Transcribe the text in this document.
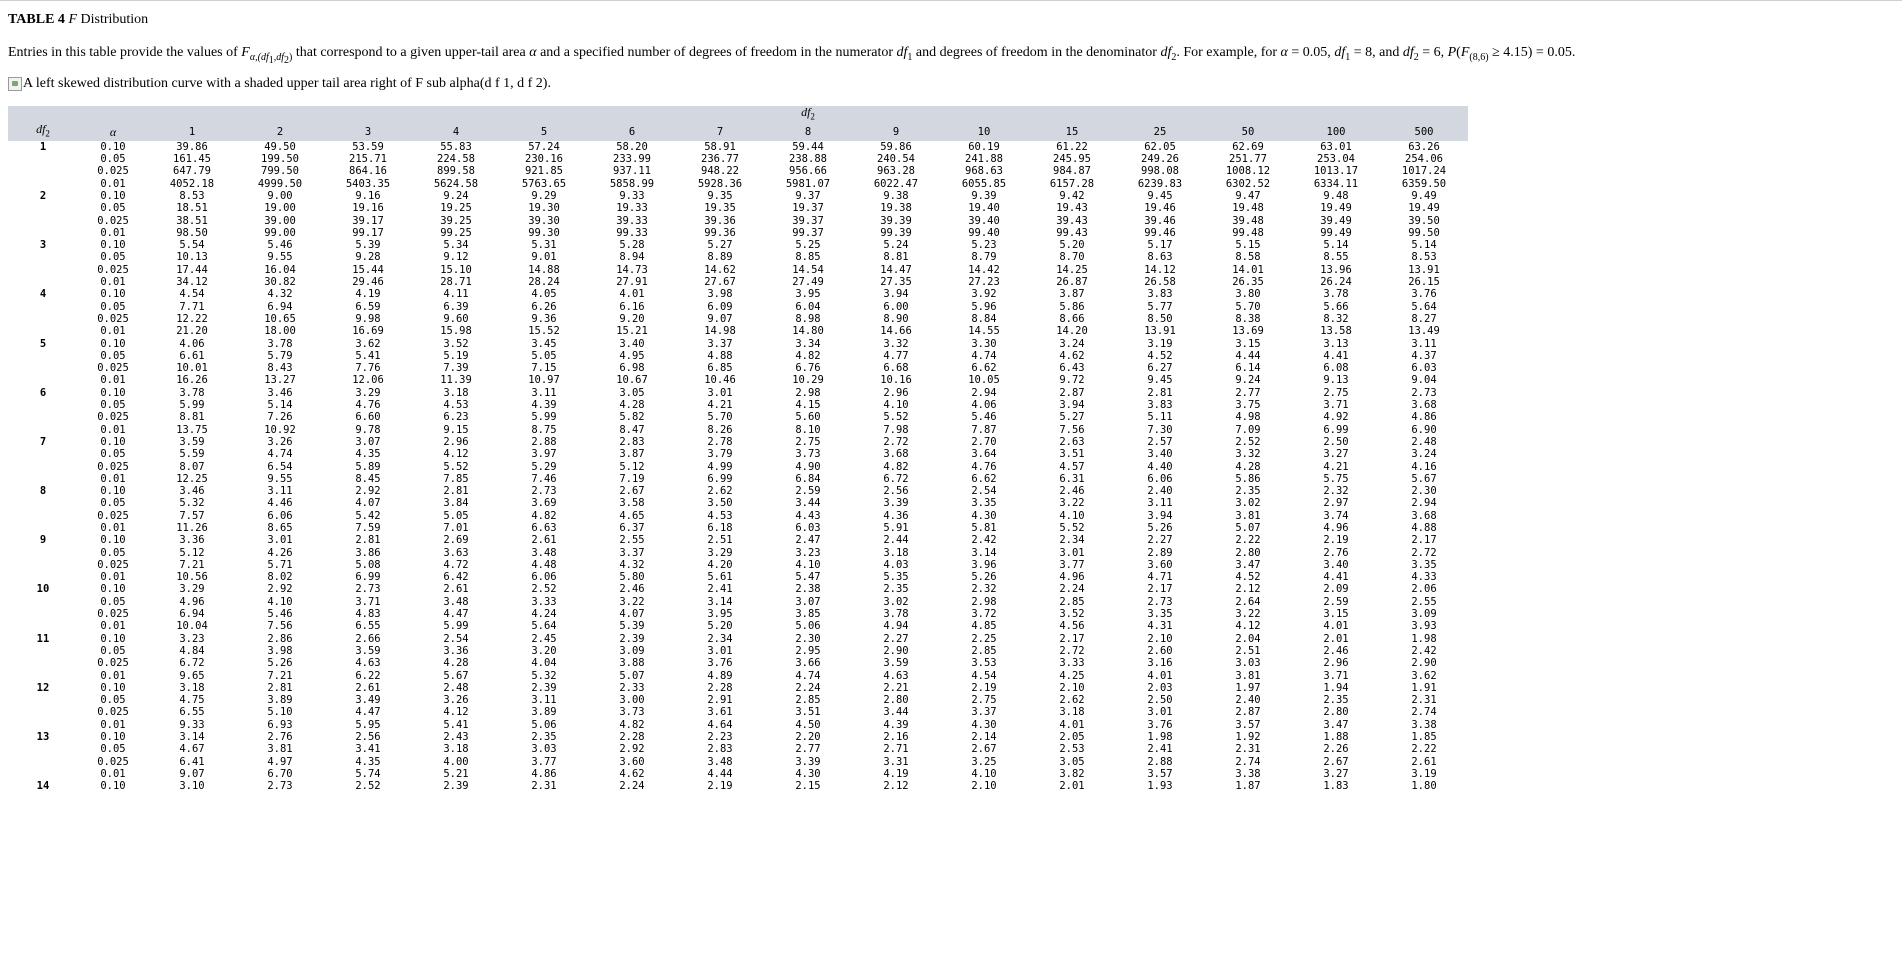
TABLE 4 F Distribution
Entries in this table provide the values of $F_{\alpha,(df_1,df_2)}$ that correspond to a given upper-tail area α and a specified number of degrees of freedom in the numerator $df_1$ and degrees of freedom in the denominator $df_2$. For example, for α = 0.05, $df_1 = 8$, and $df_2 = 6$, $P(F_{(8,6)} \ge 4.15) = 0.05$.
A left skewed distribution curve with a shaded upper tail area right of F sub alpha(d f 1, d f 2).
		$df_2$
$df_2$	α	1	2	3	4	5	6	7	8	9	10	15	25	50	100	500
1	0.10	39.86	49.50	53.59	55.83	57.24	58.20	58.91	59.44	59.86	60.19	61.22	62.05	62.69	63.01	63.26
	0.05	161.45	199.50	215.71	224.58	230.16	233.99	236.77	238.88	240.54	241.88	245.95	249.26	251.77	253.04	254.06
	0.025	647.79	799.50	864.16	899.58	921.85	937.11	948.22	956.66	963.28	968.63	984.87	998.08	1008.12	1013.17	1017.24
	0.01	4052.18	4999.50	5403.35	5624.58	5763.65	5858.99	5928.36	5981.07	6022.47	6055.85	6157.28	6239.83	6302.52	6334.11	6359.50
2	0.10	8.53	9.00	9.16	9.24	9.29	9.33	9.35	9.37	9.38	9.39	9.42	9.45	9.47	9.48	9.49
	0.05	18.51	19.00	19.16	19.25	19.30	19.33	19.35	19.37	19.38	19.40	19.43	19.46	19.48	19.49	19.49
	0.025	38.51	39.00	39.17	39.25	39.30	39.33	39.36	39.37	39.39	39.40	39.43	39.46	39.48	39.49	39.50
	0.01	98.50	99.00	99.17	99.25	99.30	99.33	99.36	99.37	99.39	99.40	99.43	99.46	99.48	99.49	99.50
3	0.10	5.54	5.46	5.39	5.34	5.31	5.28	5.27	5.25	5.24	5.23	5.20	5.17	5.15	5.14	5.14
	0.05	10.13	9.55	9.28	9.12	9.01	8.94	8.89	8.85	8.81	8.79	8.70	8.63	8.58	8.55	8.53
	0.025	17.44	16.04	15.44	15.10	14.88	14.73	14.62	14.54	14.47	14.42	14.25	14.12	14.01	13.96	13.91
	0.01	34.12	30.82	29.46	28.71	28.24	27.91	27.67	27.49	27.35	27.23	26.87	26.58	26.35	26.24	26.15
4	0.10	4.54	4.32	4.19	4.11	4.05	4.01	3.98	3.95	3.94	3.92	3.87	3.83	3.80	3.78	3.76
	0.05	7.71	6.94	6.59	6.39	6.26	6.16	6.09	6.04	6.00	5.96	5.86	5.77	5.70	5.66	5.64
	0.025	12.22	10.65	9.98	9.60	9.36	9.20	9.07	8.98	8.90	8.84	8.66	8.50	8.38	8.32	8.27
	0.01	21.20	18.00	16.69	15.98	15.52	15.21	14.98	14.80	14.66	14.55	14.20	13.91	13.69	13.58	13.49
5	0.10	4.06	3.78	3.62	3.52	3.45	3.40	3.37	3.34	3.32	3.30	3.24	3.19	3.15	3.13	3.11
	0.05	6.61	5.79	5.41	5.19	5.05	4.95	4.88	4.82	4.77	4.74	4.62	4.52	4.44	4.41	4.37
	0.025	10.01	8.43	7.76	7.39	7.15	6.98	6.85	6.76	6.68	6.62	6.43	6.27	6.14	6.08	6.03
	0.01	16.26	13.27	12.06	11.39	10.97	10.67	10.46	10.29	10.16	10.05	9.72	9.45	9.24	9.13	9.04
6	0.10	3.78	3.46	3.29	3.18	3.11	3.05	3.01	2.98	2.96	2.94	2.87	2.81	2.77	2.75	2.73
	0.05	5.99	5.14	4.76	4.53	4.39	4.28	4.21	4.15	4.10	4.06	3.94	3.83	3.75	3.71	3.68
	0.025	8.81	7.26	6.60	6.23	5.99	5.82	5.70	5.60	5.52	5.46	5.27	5.11	4.98	4.92	4.86
	0.01	13.75	10.92	9.78	9.15	8.75	8.47	8.26	8.10	7.98	7.87	7.56	7.30	7.09	6.99	6.90
7	0.10	3.59	3.26	3.07	2.96	2.88	2.83	2.78	2.75	2.72	2.70	2.63	2.57	2.52	2.50	2.48
	0.05	5.59	4.74	4.35	4.12	3.97	3.87	3.79	3.73	3.68	3.64	3.51	3.40	3.32	3.27	3.24
	0.025	8.07	6.54	5.89	5.52	5.29	5.12	4.99	4.90	4.82	4.76	4.57	4.40	4.28	4.21	4.16
	0.01	12.25	9.55	8.45	7.85	7.46	7.19	6.99	6.84	6.72	6.62	6.31	6.06	5.86	5.75	5.67
8	0.10	3.46	3.11	2.92	2.81	2.73	2.67	2.62	2.59	2.56	2.54	2.46	2.40	2.35	2.32	2.30
	0.05	5.32	4.46	4.07	3.84	3.69	3.58	3.50	3.44	3.39	3.35	3.22	3.11	3.02	2.97	2.94
	0.025	7.57	6.06	5.42	5.05	4.82	4.65	4.53	4.43	4.36	4.30	4.10	3.94	3.81	3.74	3.68
	0.01	11.26	8.65	7.59	7.01	6.63	6.37	6.18	6.03	5.91	5.81	5.52	5.26	5.07	4.96	4.88
9	0.10	3.36	3.01	2.81	2.69	2.61	2.55	2.51	2.47	2.44	2.42	2.34	2.27	2.22	2.19	2.17
	0.05	5.12	4.26	3.86	3.63	3.48	3.37	3.29	3.23	3.18	3.14	3.01	2.89	2.80	2.76	2.72
	0.025	7.21	5.71	5.08	4.72	4.48	4.32	4.20	4.10	4.03	3.96	3.77	3.60	3.47	3.40	3.35
	0.01	10.56	8.02	6.99	6.42	6.06	5.80	5.61	5.47	5.35	5.26	4.96	4.71	4.52	4.41	4.33
10	0.10	3.29	2.92	2.73	2.61	2.52	2.46	2.41	2.38	2.35	2.32	2.24	2.17	2.12	2.09	2.06
	0.05	4.96	4.10	3.71	3.48	3.33	3.22	3.14	3.07	3.02	2.98	2.85	2.73	2.64	2.59	2.55
	0.025	6.94	5.46	4.83	4.47	4.24	4.07	3.95	3.85	3.78	3.72	3.52	3.35	3.22	3.15	3.09
	0.01	10.04	7.56	6.55	5.99	5.64	5.39	5.20	5.06	4.94	4.85	4.56	4.31	4.12	4.01	3.93
11	0.10	3.23	2.86	2.66	2.54	2.45	2.39	2.34	2.30	2.27	2.25	2.17	2.10	2.04	2.01	1.98
	0.05	4.84	3.98	3.59	3.36	3.20	3.09	3.01	2.95	2.90	2.85	2.72	2.60	2.51	2.46	2.42
	0.025	6.72	5.26	4.63	4.28	4.04	3.88	3.76	3.66	3.59	3.53	3.33	3.16	3.03	2.96	2.90
	0.01	9.65	7.21	6.22	5.67	5.32	5.07	4.89	4.74	4.63	4.54	4.25	4.01	3.81	3.71	3.62
12	0.10	3.18	2.81	2.61	2.48	2.39	2.33	2.28	2.24	2.21	2.19	2.10	2.03	1.97	1.94	1.91
	0.05	4.75	3.89	3.49	3.26	3.11	3.00	2.91	2.85	2.80	2.75	2.62	2.50	2.40	2.35	2.31
	0.025	6.55	5.10	4.47	4.12	3.89	3.73	3.61	3.51	3.44	3.37	3.18	3.01	2.87	2.80	2.74
	0.01	9.33	6.93	5.95	5.41	5.06	4.82	4.64	4.50	4.39	4.30	4.01	3.76	3.57	3.47	3.38
13	0.10	3.14	2.76	2.56	2.43	2.35	2.28	2.23	2.20	2.16	2.14	2.05	1.98	1.92	1.88	1.85
	0.05	4.67	3.81	3.41	3.18	3.03	2.92	2.83	2.77	2.71	2.67	2.53	2.41	2.31	2.26	2.22
	0.025	6.41	4.97	4.35	4.00	3.77	3.60	3.48	3.39	3.31	3.25	3.05	2.88	2.74	2.67	2.61
	0.01	9.07	6.70	5.74	5.21	4.86	4.62	4.44	4.30	4.19	4.10	3.82	3.57	3.38	3.27	3.19
14	0.10	3.10	2.73	2.52	2.39	2.31	2.24	2.19	2.15	2.12	2.10	2.01	1.93	1.87	1.83	1.80
